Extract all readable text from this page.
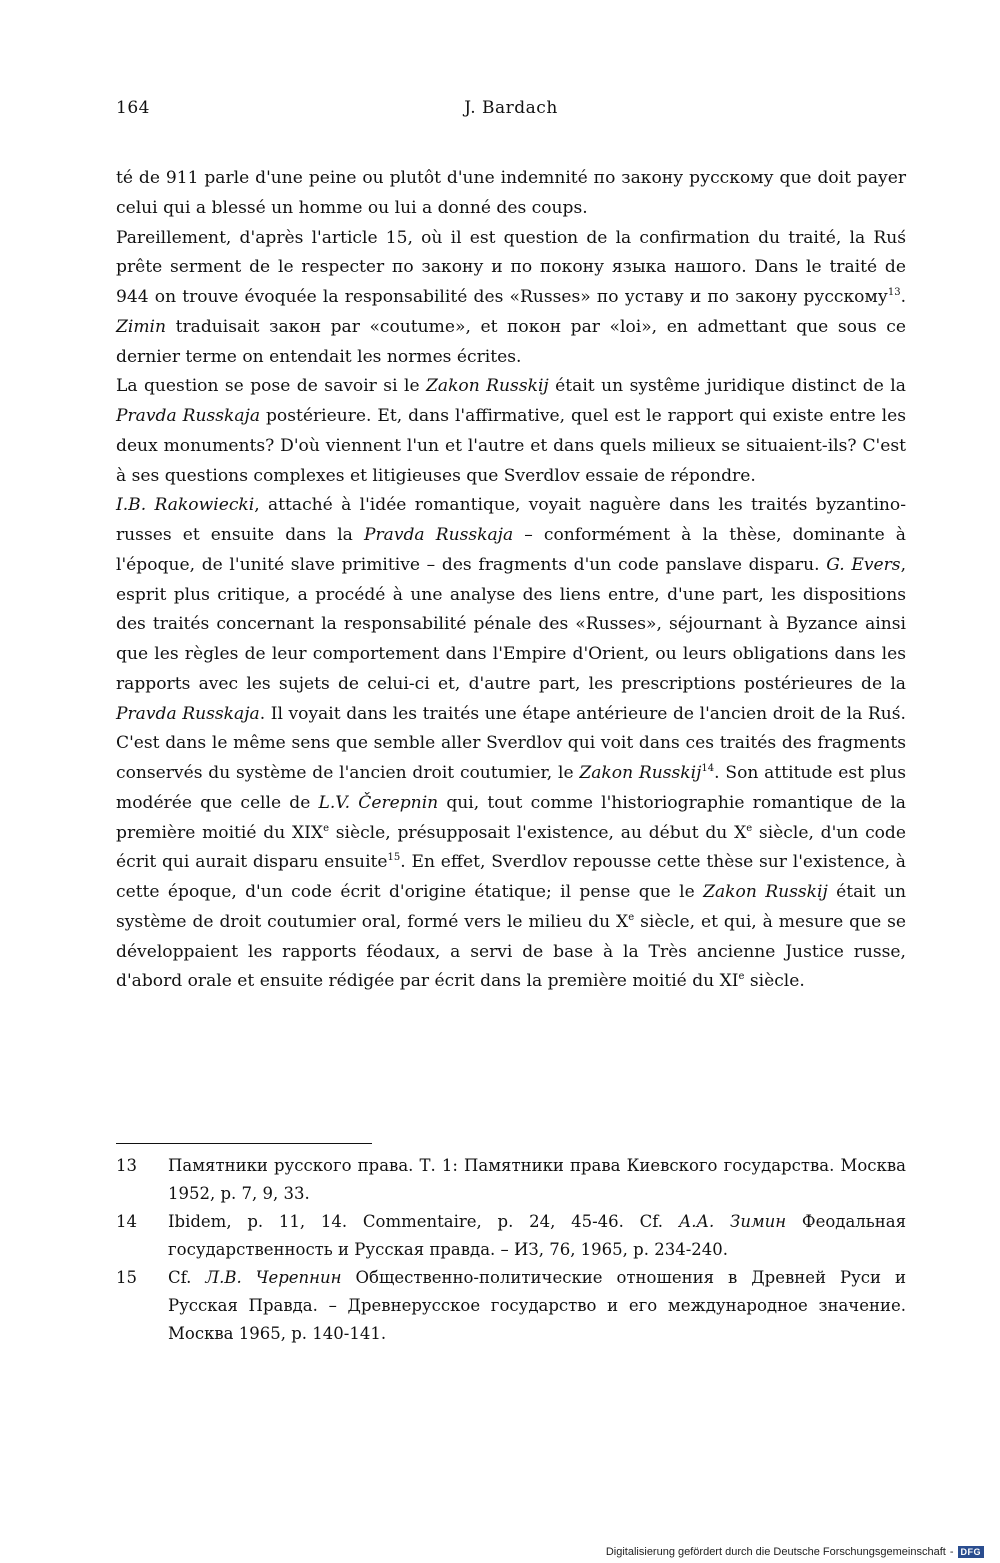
164	J. Bardach

té de 911 parle d'une peine ou plutôt d'une indemnité по закону русскому que doit payer celui qui a blessé un homme ou lui a donné des coups.

Pareillement, d'après l'article 15, où il est question de la confirmation du traité, la Ruś prête serment de le respecter по закону и по покону языка нашого. Dans le traité de 944 on trouve évoquée la responsabilité des «Russes» по уставу и по закону русскому$^{13}$. Zimin traduisait закон par «coutume», et покон par «loi», en admettant que sous ce dernier terme on entendait les normes écrites.

La question se pose de savoir si le Zakon Russkij était un systême juridique distinct de la Pravda Russkaja postérieure. Et, dans l'affirmative, quel est le rapport qui existe entre les deux monuments? D'où viennent l'un et l'autre et dans quels milieux se situaient-ils? C'est à ses questions complexes et litigieuses que Sverdlov essaie de répondre.

I.B. Rakowiecki, attaché à l'idée romantique, voyait naguère dans les traités byzantino-russes et ensuite dans la Pravda Russkaja – conformément à la thèse, dominante à l'époque, de l'unité slave primitive – des fragments d'un code panslave disparu. G. Evers, esprit plus critique, a procédé à une analyse des liens entre, d'une part, les dispositions des traités concernant la responsabilité pénale des «Russes», séjournant à Byzance ainsi que les règles de leur comportement dans l'Empire d'Orient, ou leurs obligations dans les rapports avec les sujets de celui-ci et, d'autre part, les prescriptions postérieures de la Pravda Russkaja. Il voyait dans les traités une étape antérieure de l'ancien droit de la Ruś. C'est dans le même sens que semble aller Sverdlov qui voit dans ces traités des fragments conservés du système de l'ancien droit coutumier, le Zakon Russkij$^{14}$. Son attitude est plus modérée que celle de L.V. Čerepnin qui, tout comme l'historiographie romantique de la première moitié du XIXe siècle, présupposait l'existence, au début du Xe siècle, d'un code écrit qui aurait disparu ensuite$^{15}$. En effet, Sverdlov repousse cette thèse sur l'existence, à cette époque, d'un code écrit d'origine étatique; il pense que le Zakon Russkij était un système de droit coutumier oral, formé vers le milieu du Xe siècle, et qui, à mesure que se développaient les rapports féodaux, a servi de base à la Très ancienne Justice russe, d'abord orale et ensuite rédigée par écrit dans la première moitié du XIe siècle.

13 Памятники русского права. Т. 1: Памятники права Киевского государства. Москва 1952, p. 7, 9, 33.
14 Ibidem, p. 11, 14. Commentaire, p. 24, 45-46. Cf. А.А. Зимин Феодальная государственность и Русская правда. – ИЗ, 76, 1965, p. 234-240.
15 Cf. Л.В. Черепнин Общественно-политические отношения в Древней Руси и Русская Правда. – Древнерусское государство и его международное значение. Москва 1965, p. 140-141.
Digitalisierung gefördert durch die Deutsche Forschungsgemeinschaft - DFG
